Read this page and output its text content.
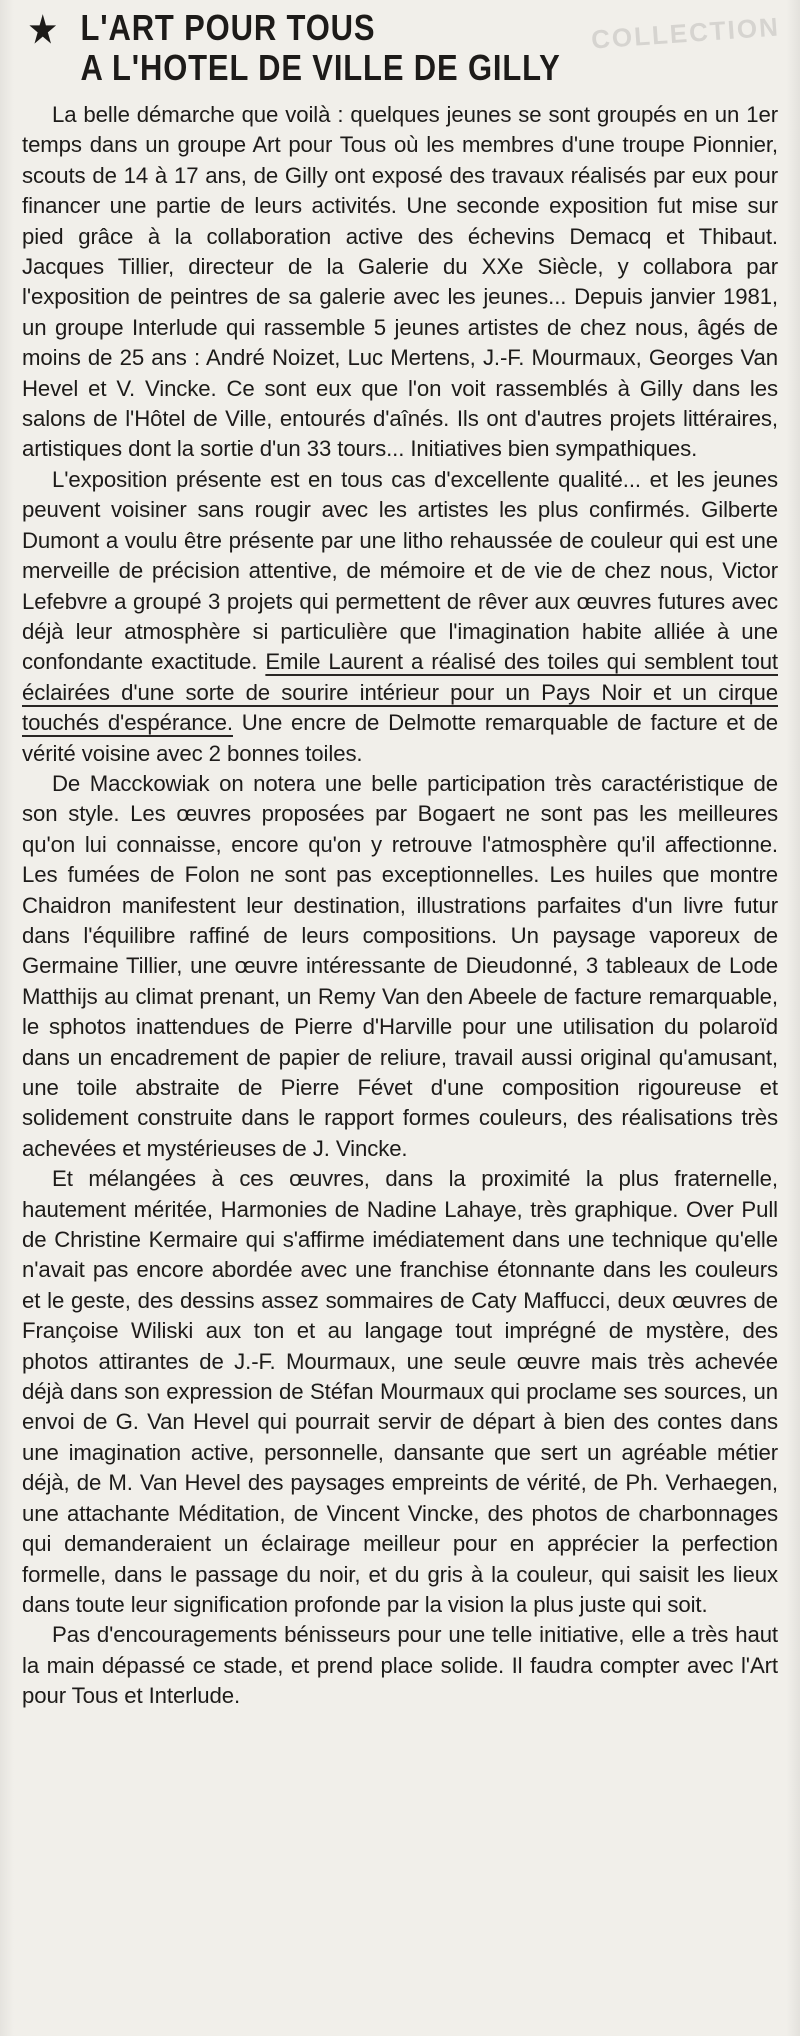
COLLECTION
★ L'ART POUR TOUS
A L'HOTEL DE VILLE DE GILLY

La belle démarche que voilà : quelques jeunes se sont groupés en un 1er temps dans un groupe Art pour Tous où les membres d'une troupe Pionnier, scouts de 14 à 17 ans, de Gilly ont exposé des travaux réalisés par eux pour financer une partie de leurs activités. Une seconde exposition fut mise sur pied grâce à la collaboration active des échevins Demacq et Thibaut. Jacques Tillier, directeur de la Galerie du XXe Siècle, y collabora par l'exposition de peintres de sa galerie avec les jeunes... Depuis janvier 1981, un groupe Interlude qui rassemble 5 jeunes artistes de chez nous, âgés de moins de 25 ans : André Noizet, Luc Mertens, J.-F. Mourmaux, Georges Van Hevel et V. Vincke. Ce sont eux que l'on voit rassemblés à Gilly dans les salons de l'Hôtel de Ville, entourés d'aînés. Ils ont d'autres projets littéraires, artistiques dont la sortie d'un 33 tours... Initiatives bien sympathiques.

L'exposition présente est en tous cas d'excellente qualité... et les jeunes peuvent voisiner sans rougir avec les artistes les plus confirmés. Gilberte Dumont a voulu être présente par une litho rehaussée de couleur qui est une merveille de précision attentive, de mémoire et de vie de chez nous, Victor Lefebvre a groupé 3 projets qui permettent de rêver aux œuvres futures avec déjà leur atmosphère si particulière que l'imagination habite alliée à une confondante exactitude. Emile Laurent a réalisé des toiles qui semblent tout éclairées d'une sorte de sourire intérieur pour un Pays Noir et un cirque touchés d'espérance. Une encre de Delmotte remarquable de facture et de vérité voisine avec 2 bonnes toiles.

De Macckowiak on notera une belle participation très caractéristique de son style. Les œuvres proposées par Bogaert ne sont pas les meilleures qu'on lui connaisse, encore qu'on y retrouve l'atmosphère qu'il affectionne. Les fumées de Folon ne sont pas exceptionnelles. Les huiles que montre Chaidron manifestent leur destination, illustrations parfaites d'un livre futur dans l'équilibre raffiné de leurs compositions. Un paysage vaporeux de Germaine Tillier, une œuvre intéressante de Dieudonné, 3 tableaux de Lode Matthijs au climat prenant, un Remy Van den Abeele de facture remarquable, le sphotos inattendues de Pierre d'Harville pour une utilisation du polaroïd dans un encadrement de papier de reliure, travail aussi original qu'amusant, une toile abstraite de Pierre Févet d'une composition rigoureuse et solidement construite dans le rapport formes couleurs, des réalisations très achevées et mystérieuses de J. Vincke.

Et mélangées à ces œuvres, dans la proximité la plus fraternelle, hautement méritée, Harmonies de Nadine Lahaye, très graphique. Over Pull de Christine Kermaire qui s'affirme imédiatement dans une technique qu'elle n'avait pas encore abordée avec une franchise étonnante dans les couleurs et le geste, des dessins assez sommaires de Caty Maffucci, deux œuvres de Françoise Wiliski aux ton et au langage tout imprégné de mystère, des photos attirantes de J.-F. Mourmaux, une seule œuvre mais très achevée déjà dans son expression de Stéfan Mourmaux qui proclame ses sources, un envoi de G. Van Hevel qui pourrait servir de départ à bien des contes dans une imagination active, personnelle, dansante que sert un agréable métier déjà, de M. Van Hevel des paysages empreints de vérité, de Ph. Verhaegen, une attachante Méditation, de Vincent Vincke, des photos de charbonnages qui demanderaient un éclairage meilleur pour en apprécier la perfection formelle, dans le passage du noir, et du gris à la couleur, qui saisit les lieux dans toute leur signification profonde par la vision la plus juste qui soit.

Pas d'encouragements bénisseurs pour une telle initiative, elle a très haut la main dépassé ce stade, et prend place solide. Il faudra compter avec l'Art pour Tous et Interlude.
